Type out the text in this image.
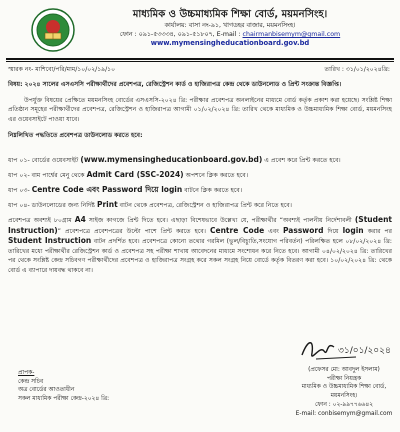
মাধ্যমিক ও উচ্চমাধ্যমিক শিক্ষা বোর্ড, ময়মনসিংহ।
কার্যালয়: বাসা নং-৯১, খাগডহর বাজার, ময়মনসিংহ।
ফোন : ০৯১-৫৩৩৩৪, ০৯১-৫১৮০৭, E-mail : chairmanbisemym@gmail.com
www.mymensingheducationboard.gov.bd
স্মারক নং- মাশিবো/পরি/মাম/১০/০২/১৯/১০	তারিখ : ৩১/০১/২০২৪খ্রি:

বিষয়: ২০২৪ সালের এসএসসি পরীক্ষার্থীদের প্রবেশপত্র, রেজিস্ট্রেশন কার্ড ও হাজিরাপত্র কেন্দ্র থেকে ডাউনলোড ও প্রিন্ট সংক্রান্ত বিজ্ঞপ্তি।

উপর্যুক্ত বিষয়ের প্রেক্ষিতে ময়মনসিংহ বোর্ডের এসএসসি-২০২৪ খ্রি: পরীক্ষার প্রবেশপত্র অনলাইনের মাধ্যমে বোর্ড কর্তৃক প্রকাশ করা হয়েছে। সংশ্লিষ্ট শিক্ষা প্রতিষ্ঠান সমূহের পরীক্ষার্থীদের প্রবেশপত্র, রেজিস্ট্রেশন ও হাজিরাপত্র আগামী ০১/০২/২০২৪ খ্রি: তারিখ থেকে মাধ্যমিক ও উচ্চমাধ্যমিক শিক্ষা বোর্ড, ময়মনসিংহ এর ওয়েবসাইটে পাওয়া যাবে।

নিম্নলিখিত পদ্ধতিতে প্রবেশপত্র ডাউনলোড করতে হবে:

ধাপ ০১- বোর্ডের ওয়েবসাইট (www.mymensingheducationboard.gov.bd) এ প্রবেশ করে প্রিন্ট করতে হবে।
ধাপ ০২- বাম পার্শ্বের মেনু থেকে Admit Card (SSC-2024) অপশনে ক্লিক করতে হবে।
ধাপ ০৩- Centre Code এবং Password দিয়ে login বাটনে ক্লিক করতে হবে।
ধাপ ০৪- ডাউনলোডের জন্য নির্দিষ্ট Print বাটন থেকে প্রবেশপত্র, রেজিস্ট্রেশন ও হাজিরাপত্র প্রিন্ট করে নিতে হবে।

প্রবেশপত্র অবশ্যই ৮০গ্রাম A4 সাইজ কাগজে প্রিন্ট দিতে হবে। এছাড়া বিশেষভাবে উল্লেখ্য যে, পরীক্ষার্থীর “অবশ্যই পালনীয় নির্দেশাবলী (Student Instruction)” প্রবেশপত্রে প্রবেশপত্রের উল্টো পাশে প্রিন্ট করতে হবে। Centre Code এবং Password দিয়ে login করার পর Student Instruction বাটন প্রদর্শিত হবে। প্রবেশপত্রে কোনো তথ্যের গরমিল (ভুল/বিচ্যুতি,সংযোগ পরিবর্তন) পরিলক্ষিত হলে ০৮/০২/২০২৪ খ্রি: তারিখের মধ্যে পরীক্ষার্থীর রেজিস্ট্রেশন কার্ড ও প্রবেশপত্র সহ পরীক্ষা শাখায় আবেদনের মাধ্যমে সংশোধন করে নিতে হবে। আগামী ০৪/০২/২০২৪ খ্রি: তারিখের পর থেকে সংশ্লিষ্ট কেন্দ্র সচিবগণ পরীক্ষার্থীদের প্রবেশপত্র ও হাজিরাপত্র সংগ্রহ করে সকল সংগ্রহ নিয়ে বোর্ডে কর্তৃক বিতরণ করা হবে। ১০/০২/২০২৪ খ্রি: থেকে বোর্ড এ ব্যাপারে দায়বদ্ধ থাকবে না।

৩১/০১/২০২৪
(প্রফেসর মো: আবদুল ইসলাম)
পরীক্ষা নিয়ন্ত্রক
মাধ্যমিক ও উচ্চমাধ্যমিক শিক্ষা বোর্ড,
ময়মনসিংহ।
ফোন : ০২-৯৯৭৭৬৬৪২
E-mail: conbisemym@gmail.com
প্রাপক-
কেন্দ্র সচিব
অত্র বোর্ডের আওতাধীন
সকল মাধ্যমিক পরীক্ষা কেন্দ্র-২০২৪ খ্রি:
